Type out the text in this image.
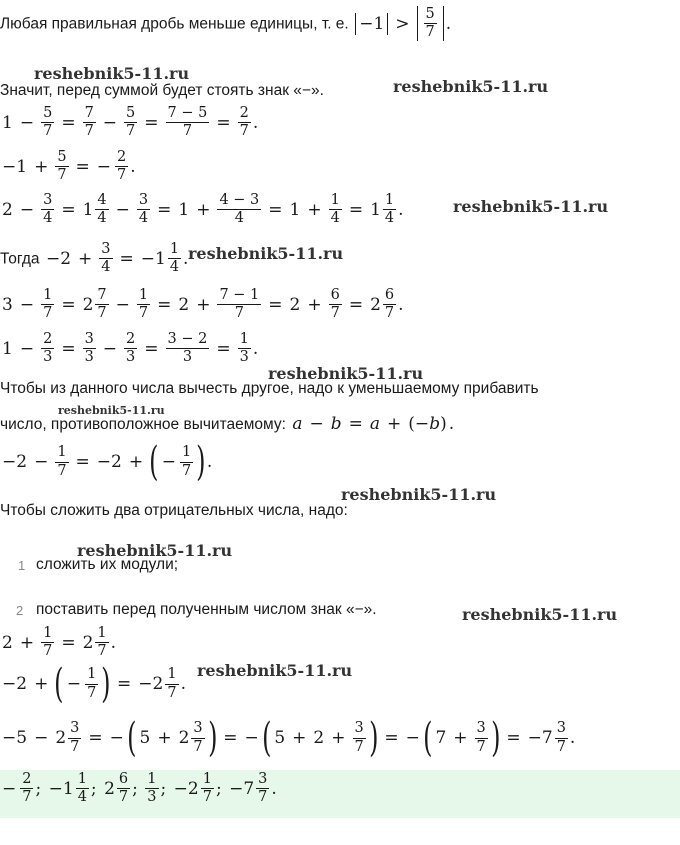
Любая правильная дробь меньше единицы, т. е. $-1 > \frac{5}{7}$ .
reshebnik5-11.ru
Значит, перед суммой будет стоять знак «−».	reshebnik5-11.ru
$1 - \frac{5}{7} = \frac{7}{7} - \frac{5}{7} = \frac{7 - 5}{7} = \frac{2}{7}$ .
$-1 + \frac{5}{7}$ = − $\frac{2}{7}$ .
$2 - \frac{3}{4} = 1 \frac{4}{4} - \frac{3}{4} = 1 + \frac{4 - 3}{4} = 1 + \frac{1}{4} = 1 \frac{1}{4}$ .	reshebnik5-11.ru
Тогда $-2 + \frac{3}{4} = -1 \frac{1}{4}$ . reshebnik5-11.ru
$3 - \frac{1}{7} = 2 \frac{7}{7} - \frac{1}{7} = 2 + \frac{7 - 1}{7} = 2 + \frac{6}{7} = 2 \frac{6}{7}$ .
$1 - \frac{2}{3} = \frac{3}{3} - \frac{2}{3} = \frac{3 - 2}{3} = \frac{1}{3}$ .
reshebnik5-11.ru
Чтобы из данного числа вычесть другое, надо к уменьшаемому прибавить
reshebnik5-11.ru
число, противоположное вычитаемому: a − b = a + (−b) .
$-2 - \frac{1}{7} = -2$ + ( − $\frac{1}{7}$ ) .
reshebnik5-11.ru
Чтобы сложить два отрицательных числа, надо:
reshebnik5-11.ru
1 сложить их модули;
2 поставить перед полученным числом знак «−».	reshebnik5-11.ru
$2 + \frac{1}{7} = 2 \frac{1}{7}$ .
reshebnik5-11.ru
−2 + ( − $\frac{1}{7}$ ) = $-2 \frac{1}{7}$ .
$-5 - 2 \frac{3}{7}$ = − ( $5 + 2 \frac{3}{7}$ ) = − ( $5 + 2 + \frac{3}{7}$ ) = − ( $7 + \frac{3}{7}$ ) = $-7 \frac{3}{7}$ .
− $\frac{2}{7}$ ; $-1 \frac{1}{4}$ ; $2 \frac{6}{7}$ ; $\frac{1}{3}$ ; $-2 \frac{1}{7}$ ; $-7 \frac{3}{7}$ .
